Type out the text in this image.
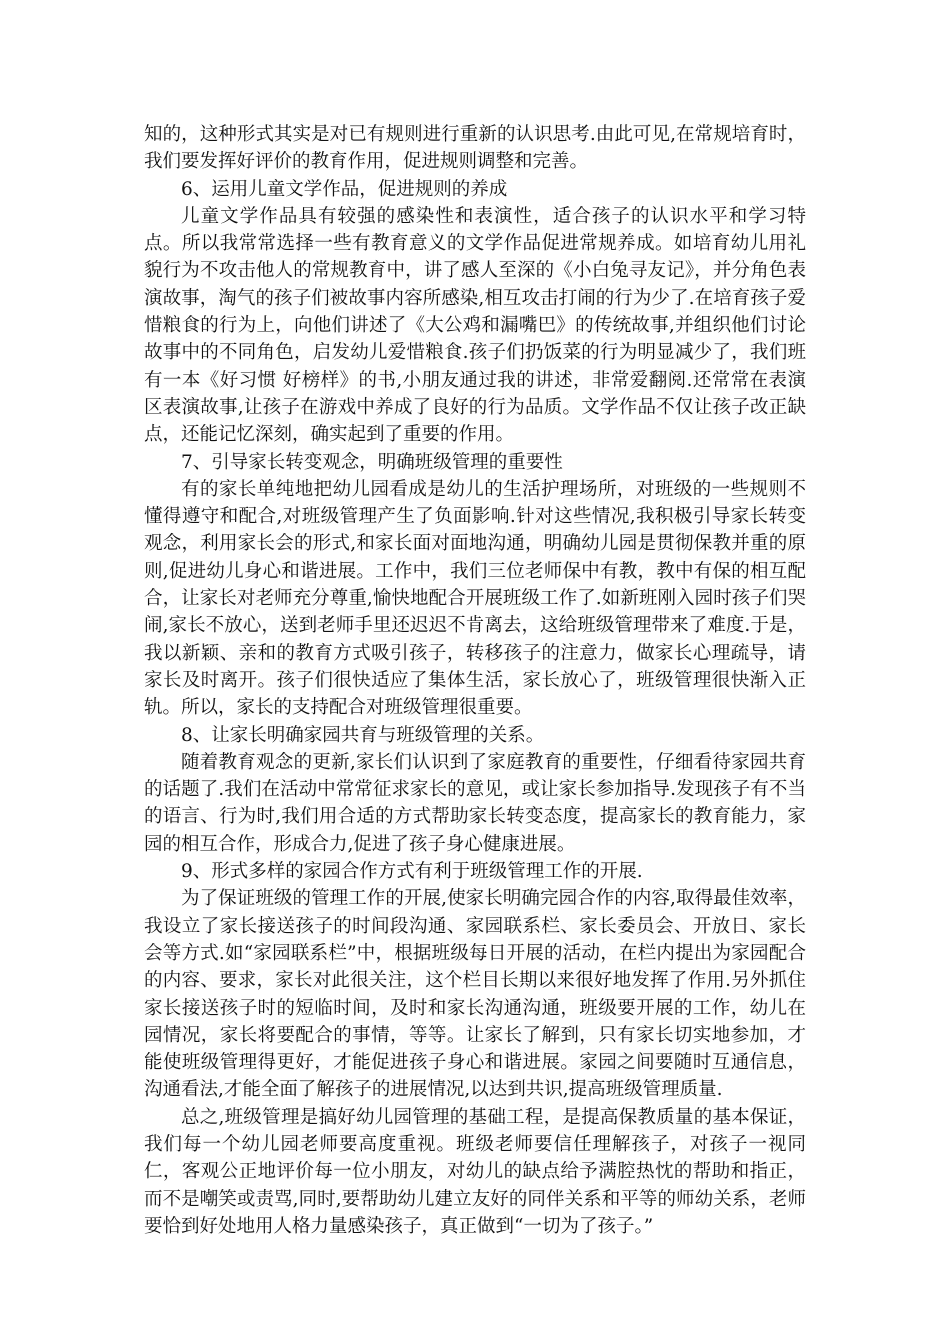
知的，这种形式其实是对已有规则进行重新的认识思考.由此可见,在常规培育时，我们要发挥好评价的教育作用，促进规则调整和完善。

6、运用儿童文学作品，促进规则的养成

儿童文学作品具有较强的感染性和表演性，适合孩子的认识水平和学习特点。所以我常常选择一些有教育意义的文学作品促进常规养成。如培育幼儿用礼貌行为不攻击他人的常规教育中，讲了感人至深的《小白兔寻友记》，并分角色表演故事，淘气的孩子们被故事内容所感染,相互攻击打闹的行为少了.在培育孩子爱惜粮食的行为上，向他们讲述了《大公鸡和漏嘴巴》的传统故事,并组织他们讨论故事中的不同角色，启发幼儿爱惜粮食.孩子们扔饭菜的行为明显减少了，我们班有一本《好习惯 好榜样》的书,小朋友通过我的讲述，非常爱翻阅.还常常在表演区表演故事,让孩子在游戏中养成了良好的行为品质。文学作品不仅让孩子改正缺点，还能记忆深刻，确实起到了重要的作用。

7、引导家长转变观念，明确班级管理的重要性

有的家长单纯地把幼儿园看成是幼儿的生活护理场所，对班级的一些规则不懂得遵守和配合,对班级管理产生了负面影响.针对这些情况,我积极引导家长转变观念，利用家长会的形式,和家长面对面地沟通，明确幼儿园是贯彻保教并重的原则,促进幼儿身心和谐进展。工作中，我们三位老师保中有教，教中有保的相互配合，让家长对老师充分尊重,愉快地配合开展班级工作了.如新班刚入园时孩子们哭闹,家长不放心，送到老师手里还迟迟不肯离去，这给班级管理带来了难度.于是，我以新颖、亲和的教育方式吸引孩子，转移孩子的注意力，做家长心理疏导，请家长及时离开。孩子们很快适应了集体生活，家长放心了，班级管理很快渐入正轨。所以，家长的支持配合对班级管理很重要。

8、让家长明确家园共育与班级管理的关系。

随着教育观念的更新,家长们认识到了家庭教育的重要性，仔细看待家园共育的话题了.我们在活动中常常征求家长的意见，或让家长参加指导.发现孩子有不当的语言、行为时,我们用合适的方式帮助家长转变态度，提高家长的教育能力，家园的相互合作，形成合力,促进了孩子身心健康进展。

9、形式多样的家园合作方式有利于班级管理工作的开展.

为了保证班级的管理工作的开展,使家长明确完园合作的内容,取得最佳效率，我设立了家长接送孩子的时间段沟通、家园联系栏、家长委员会、开放日、家长会等方式.如“家园联系栏”中，根据班级每日开展的活动，在栏内提出为家园配合的内容、要求，家长对此很关注，这个栏目长期以来很好地发挥了作用.另外抓住家长接送孩子时的短临时间，及时和家长沟通沟通，班级要开展的工作，幼儿在园情况，家长将要配合的事情，等等。让家长了解到，只有家长切实地参加，才能使班级管理得更好，才能促进孩子身心和谐进展。家园之间要随时互通信息，沟通看法,才能全面了解孩子的进展情况,以达到共识,提高班级管理质量.

总之,班级管理是搞好幼儿园管理的基础工程，是提高保教质量的基本保证，我们每一个幼儿园老师要高度重视。班级老师要信任理解孩子，对孩子一视同仁，客观公正地评价每一位小朋友，对幼儿的缺点给予满腔热忱的帮助和指正，而不是嘲笑或责骂,同时,要帮助幼儿建立友好的同伴关系和平等的师幼关系，老师要恰到好处地用人格力量感染孩子，真正做到“一切为了孩子。”
